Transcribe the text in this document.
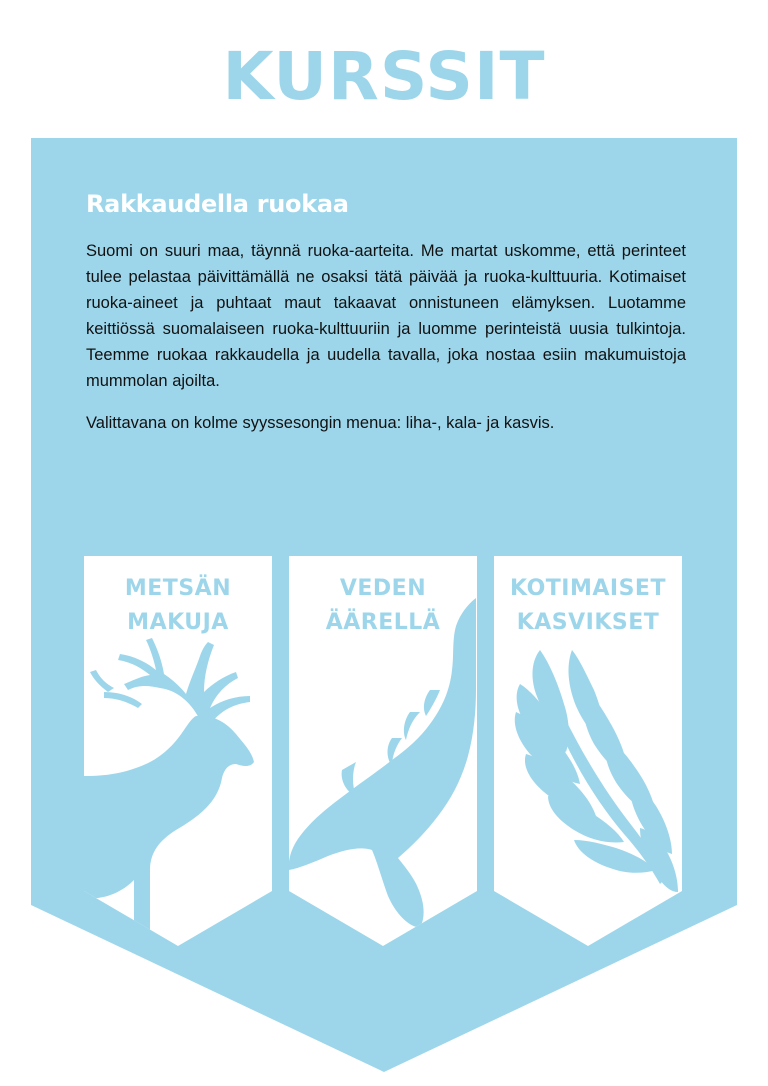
KURSSIT
Rakkaudella ruokaa

Suomi on suuri maa, täynnä ruoka-aarteita. Me martat uskomme, että perinteet tulee pelastaa päivittämällä ne osaksi tätä päivää ja ruoka-kulttuuria. Kotimaiset ruoka-aineet ja puhtaat maut takaavat onnistuneen elämyksen. Luotamme keittiössä suomalaiseen ruoka-kulttuuriin ja luomme perinteistä uusia tulkintoja. Teemme ruokaa rakkaudella ja uudella tavalla, joka nostaa esiin makumuistoja mummolan ajoilta.

Valittavana on kolme syyssesongin menua: liha-, kala- ja kasvis.

METSÄN
MAKUJA
VEDEN
ÄÄRELLÄ
KOTIMAISET
KASVIKSET
